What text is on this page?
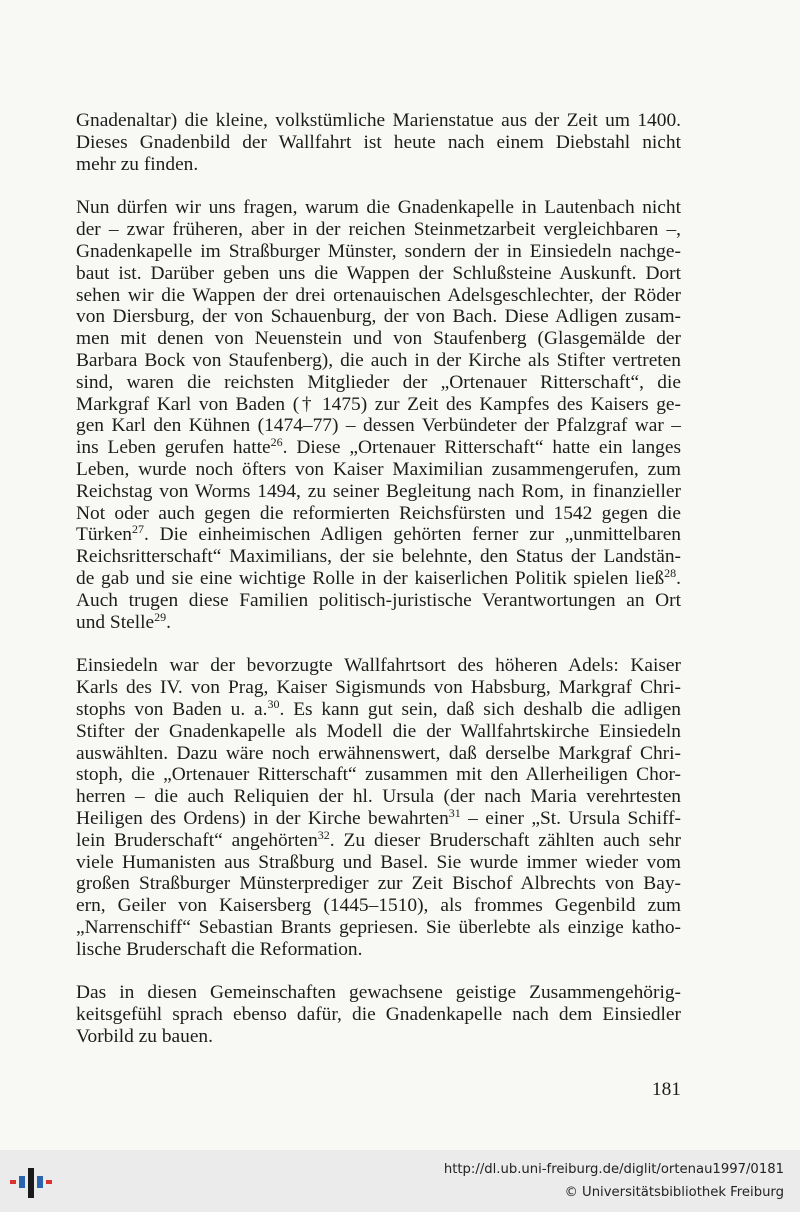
Gnadenaltar) die kleine, volkstümliche Marienstatue aus der Zeit um 1400.
Dieses Gnadenbild der Wallfahrt ist heute nach einem Diebstahl nicht
mehr zu finden.
Nun dürfen wir uns fragen, warum die Gnadenkapelle in Lautenbach nicht
der – zwar früheren, aber in der reichen Steinmetzarbeit vergleichbaren –,
Gnadenkapelle im Straßburger Münster, sondern der in Einsiedeln nachge-
baut ist. Darüber geben uns die Wappen der Schlußsteine Auskunft. Dort
sehen wir die Wappen der drei ortenauischen Adelsgeschlechter, der Röder
von Diersburg, der von Schauenburg, der von Bach. Diese Adligen zusam-
men mit denen von Neuenstein und von Staufenberg (Glasgemälde der
Barbara Bock von Staufenberg), die auch in der Kirche als Stifter vertreten
sind, waren die reichsten Mitglieder der „Ortenauer Ritterschaft“, die
Markgraf Karl von Baden († 1475) zur Zeit des Kampfes des Kaisers ge-
gen Karl den Kühnen (1474–77) – dessen Verbündeter der Pfalzgraf war –
ins Leben gerufen hatte$^{26}$. Diese „Ortenauer Ritterschaft“ hatte ein langes
Leben, wurde noch öfters von Kaiser Maximilian zusammengerufen, zum
Reichstag von Worms 1494, zu seiner Begleitung nach Rom, in finanzieller
Not oder auch gegen die reformierten Reichsfürsten und 1542 gegen die
Türken$^{27}$. Die einheimischen Adligen gehörten ferner zur „unmittelbaren
Reichsritterschaft“ Maximilians, der sie belehnte, den Status der Landstän-
de gab und sie eine wichtige Rolle in der kaiserlichen Politik spielen ließ$^{28}$.
Auch trugen diese Familien politisch-juristische Verantwortungen an Ort
und Stelle$^{29}$.
Einsiedeln war der bevorzugte Wallfahrtsort des höheren Adels: Kaiser
Karls des IV. von Prag, Kaiser Sigismunds von Habsburg, Markgraf Chri-
stophs von Baden u. a.$^{30}$. Es kann gut sein, daß sich deshalb die adligen
Stifter der Gnadenkapelle als Modell die der Wallfahrtskirche Einsiedeln
auswählten. Dazu wäre noch erwähnenswert, daß derselbe Markgraf Chri-
stoph, die „Ortenauer Ritterschaft“ zusammen mit den Allerheiligen Chor-
herren – die auch Reliquien der hl. Ursula (der nach Maria verehrtesten
Heiligen des Ordens) in der Kirche bewahrten$^{31}$ – einer „St. Ursula Schiff-
lein Bruderschaft“ angehörten$^{32}$. Zu dieser Bruderschaft zählten auch sehr
viele Humanisten aus Straßburg und Basel. Sie wurde immer wieder vom
großen Straßburger Münsterprediger zur Zeit Bischof Albrechts von Bay-
ern, Geiler von Kaisersberg (1445–1510), als frommes Gegenbild zum
„Narrenschiff“ Sebastian Brants gepriesen. Sie überlebte als einzige katho-
lische Bruderschaft die Reformation.
Das in diesen Gemeinschaften gewachsene geistige Zusammengehörig-
keitsgefühl sprach ebenso dafür, die Gnadenkapelle nach dem Einsiedler
Vorbild zu bauen.
181
http://dl.ub.uni-freiburg.de/diglit/ortenau1997/0181
© Universitätsbibliothek Freiburg
